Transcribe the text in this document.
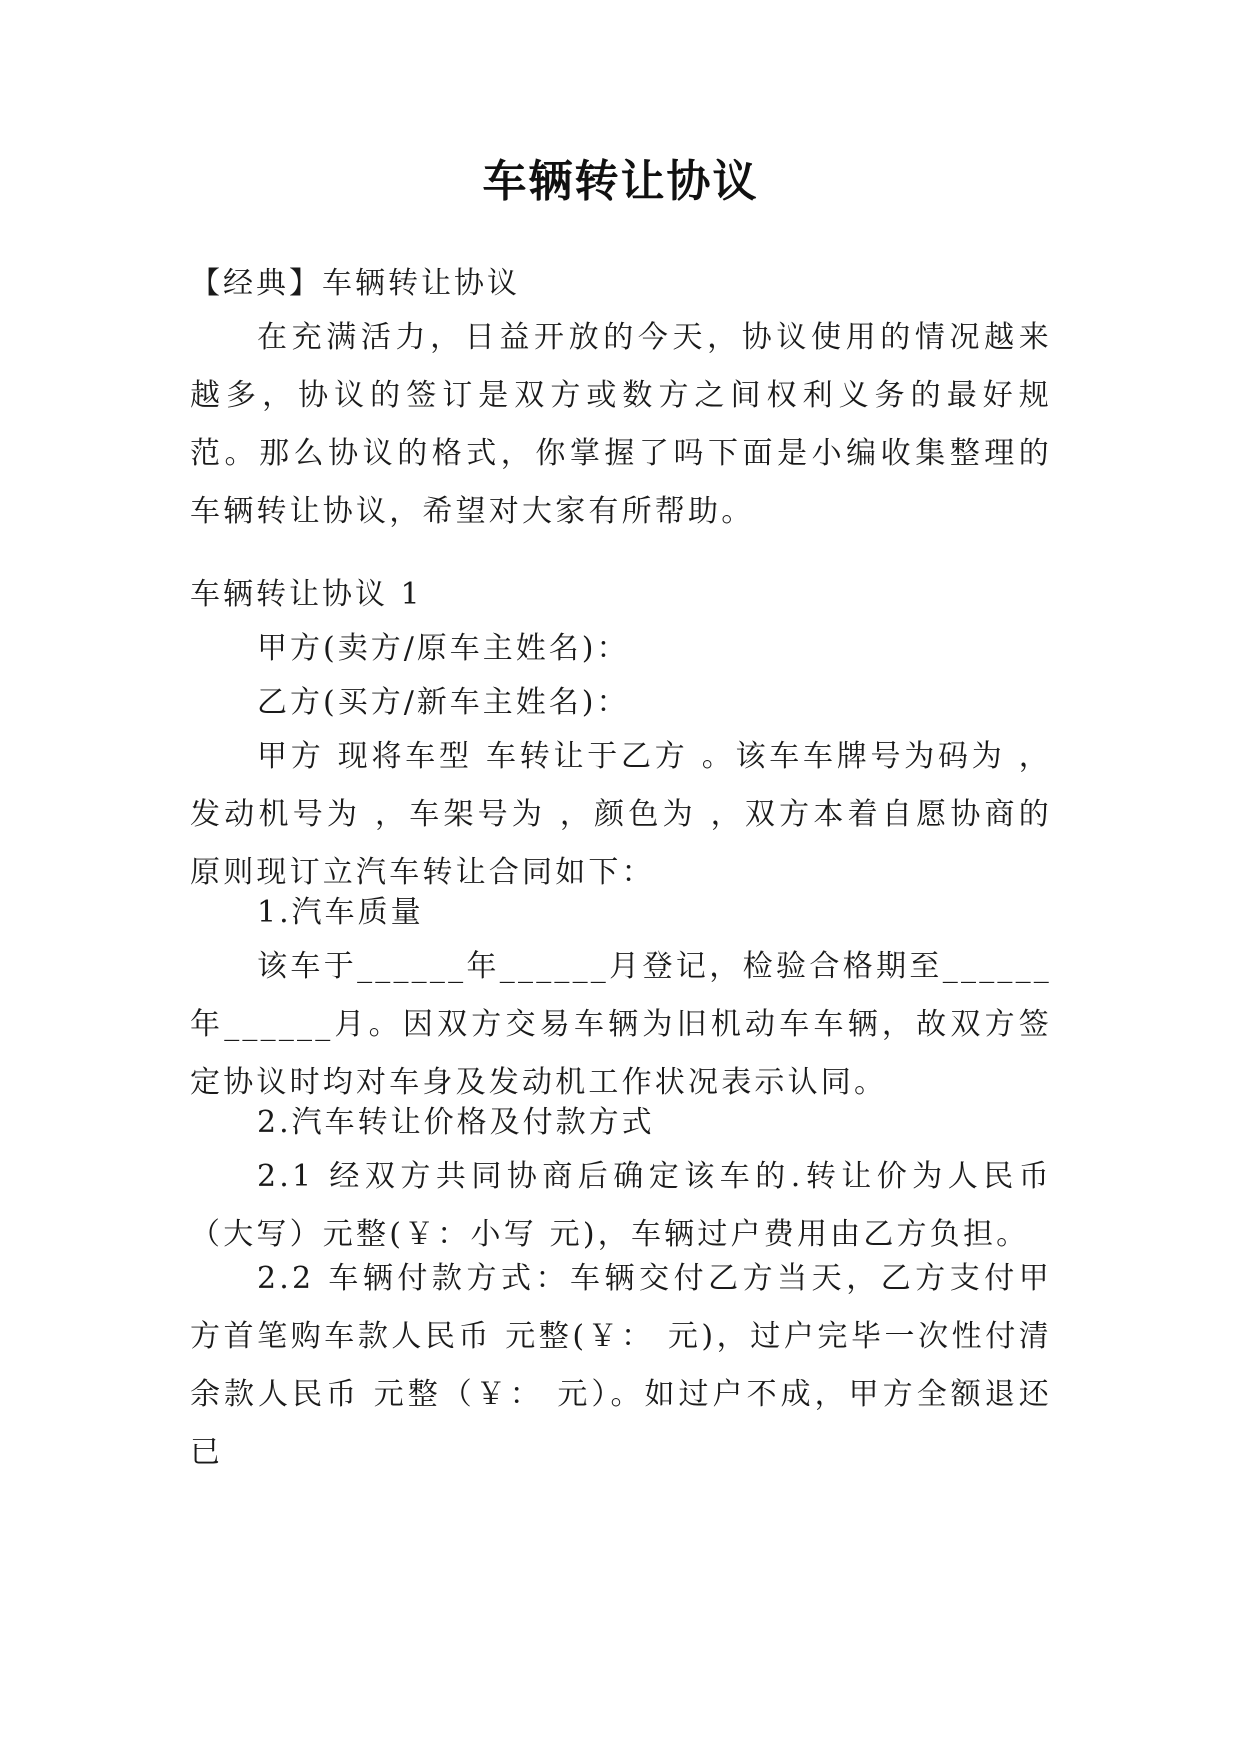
车辆转让协议
【经典】车辆转让协议
在充满活力，日益开放的今天，协议使用的情况越来越多，协议的签订是双方或数方之间权利义务的最好规范。那么协议的格式，你掌握了吗下面是小编收集整理的车辆转让协议，希望对大家有所帮助。
车辆转让协议 1
甲方(卖方/原车主姓名)：
乙方(买方/新车主姓名)：
甲方 现将车型 车转让于乙方 。该车车牌号为码为 ，发动机号为 ，车架号为 ，颜色为 ，双方本着自愿协商的原则现订立汽车转让合同如下：
1.汽车质量
该车于______年______月登记，检验合格期至______年______月。因双方交易车辆为旧机动车车辆，故双方签定协议时均对车身及发动机工作状况表示认同。
2.汽车转让价格及付款方式
2.1 经双方共同协商后确定该车的.转让价为人民币（大写）元整(￥：小写 元)，车辆过户费用由乙方负担。
2.2 车辆付款方式：车辆交付乙方当天，乙方支付甲方首笔购车款人民币 元整(￥： 元)，过户完毕一次性付清余款人民币 元整（￥： 元）。如过户不成，甲方全额退还已
